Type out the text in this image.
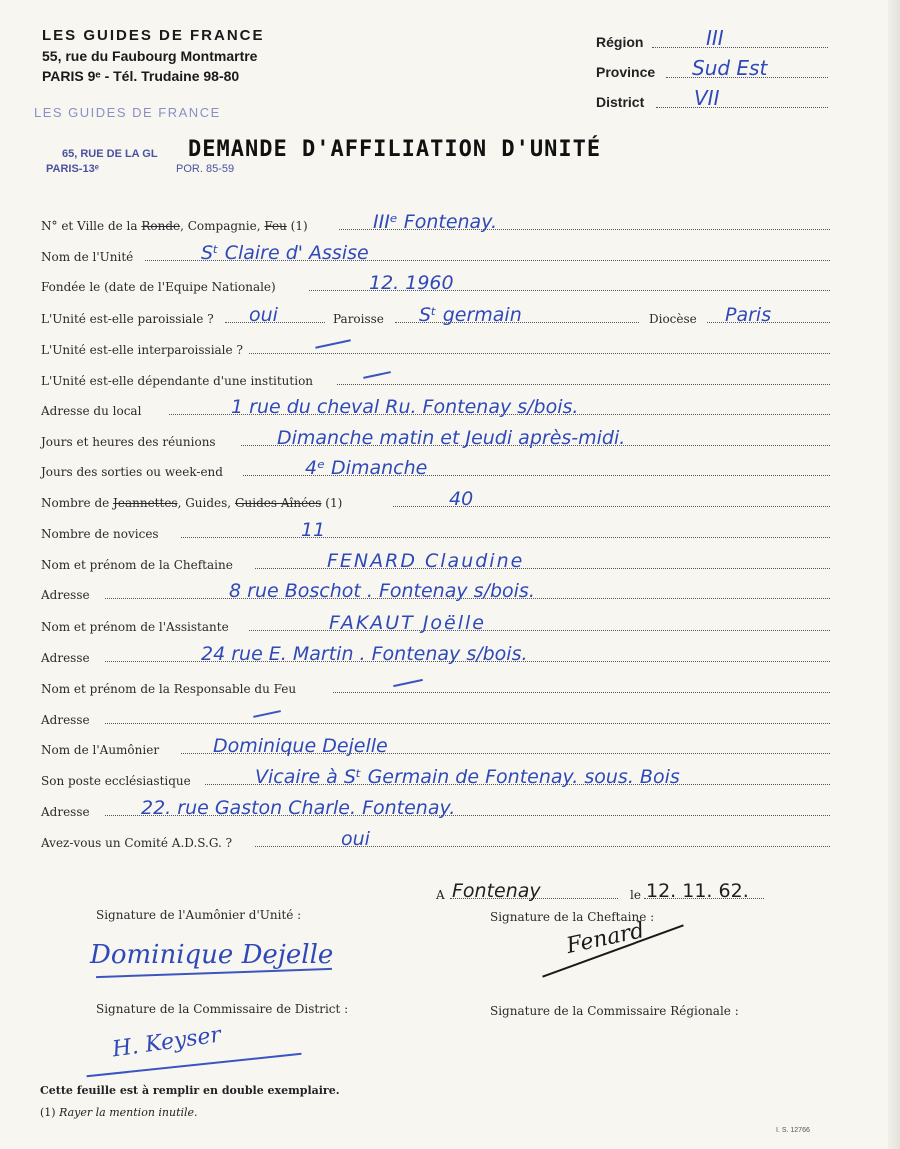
LES GUIDES DE FRANCE
55, rue du Faubourg Montmartre
PARIS 9ᵉ - Tél. Trudaine 98-80
LES GUIDES DE FRANCE
65, RUE DE LA GL
PARIS-13ᵉ	POR. 85-59
DEMANDE D'AFFILIATION D'UNITÉ
Région	III
Province Sud Est
District VII
N° et Ville de la Ronde, Compagnie, Feu (1)	IIIᵉ Fontenay.
Nom de l'Unité	Sᵗ Claire d' Assise
Fondée le (date de l'Equipe Nationale)	12. 1960
L'Unité est-elle paroissiale ? oui	Paroisse Sᵗ germain	Diocèse Paris
L'Unité est-elle interparoissiale ?
L'Unité est-elle dépendante d'une institution
Adresse du local	1 rue du cheval Ru. Fontenay s/bois.
Jours et heures des réunions	Dimanche matin et Jeudi après-midi.
Jours des sorties ou week-end	4ᵉ Dimanche
Nombre de Jeannettes, Guides, Guides Aînées (1)	40
Nombre de novices	11
Nom et prénom de la Cheftaine	FENARD Claudine
Adresse	8 rue Boschot . Fontenay s/bois.
Nom et prénom de l'Assistante	FAKAUT Joëlle
Adresse	24 rue E. Martin . Fontenay s/bois.
Nom et prénom de la Responsable du Feu
Adresse
Nom de l'Aumônier	Dominique Dejelle
Son poste ecclésiastique	Vicaire à Sᵗ Germain de Fontenay. sous. Bois
Adresse	22. rue Gaston Charle. Fontenay.
Avez-vous un Comité A.D.S.G. ?	oui
A Fontenay	le 12. 11. 62.
Signature de l'Aumônier d'Unité :	Signature de la Cheftaine :
Dominique Dejelle	Fenard
Signature de la Commissaire de District :	Signature de la Commissaire Régionale :
H. Keyser
Cette feuille est à remplir en double exemplaire.
(1) Rayer la mention inutile.
I. S. 12766
